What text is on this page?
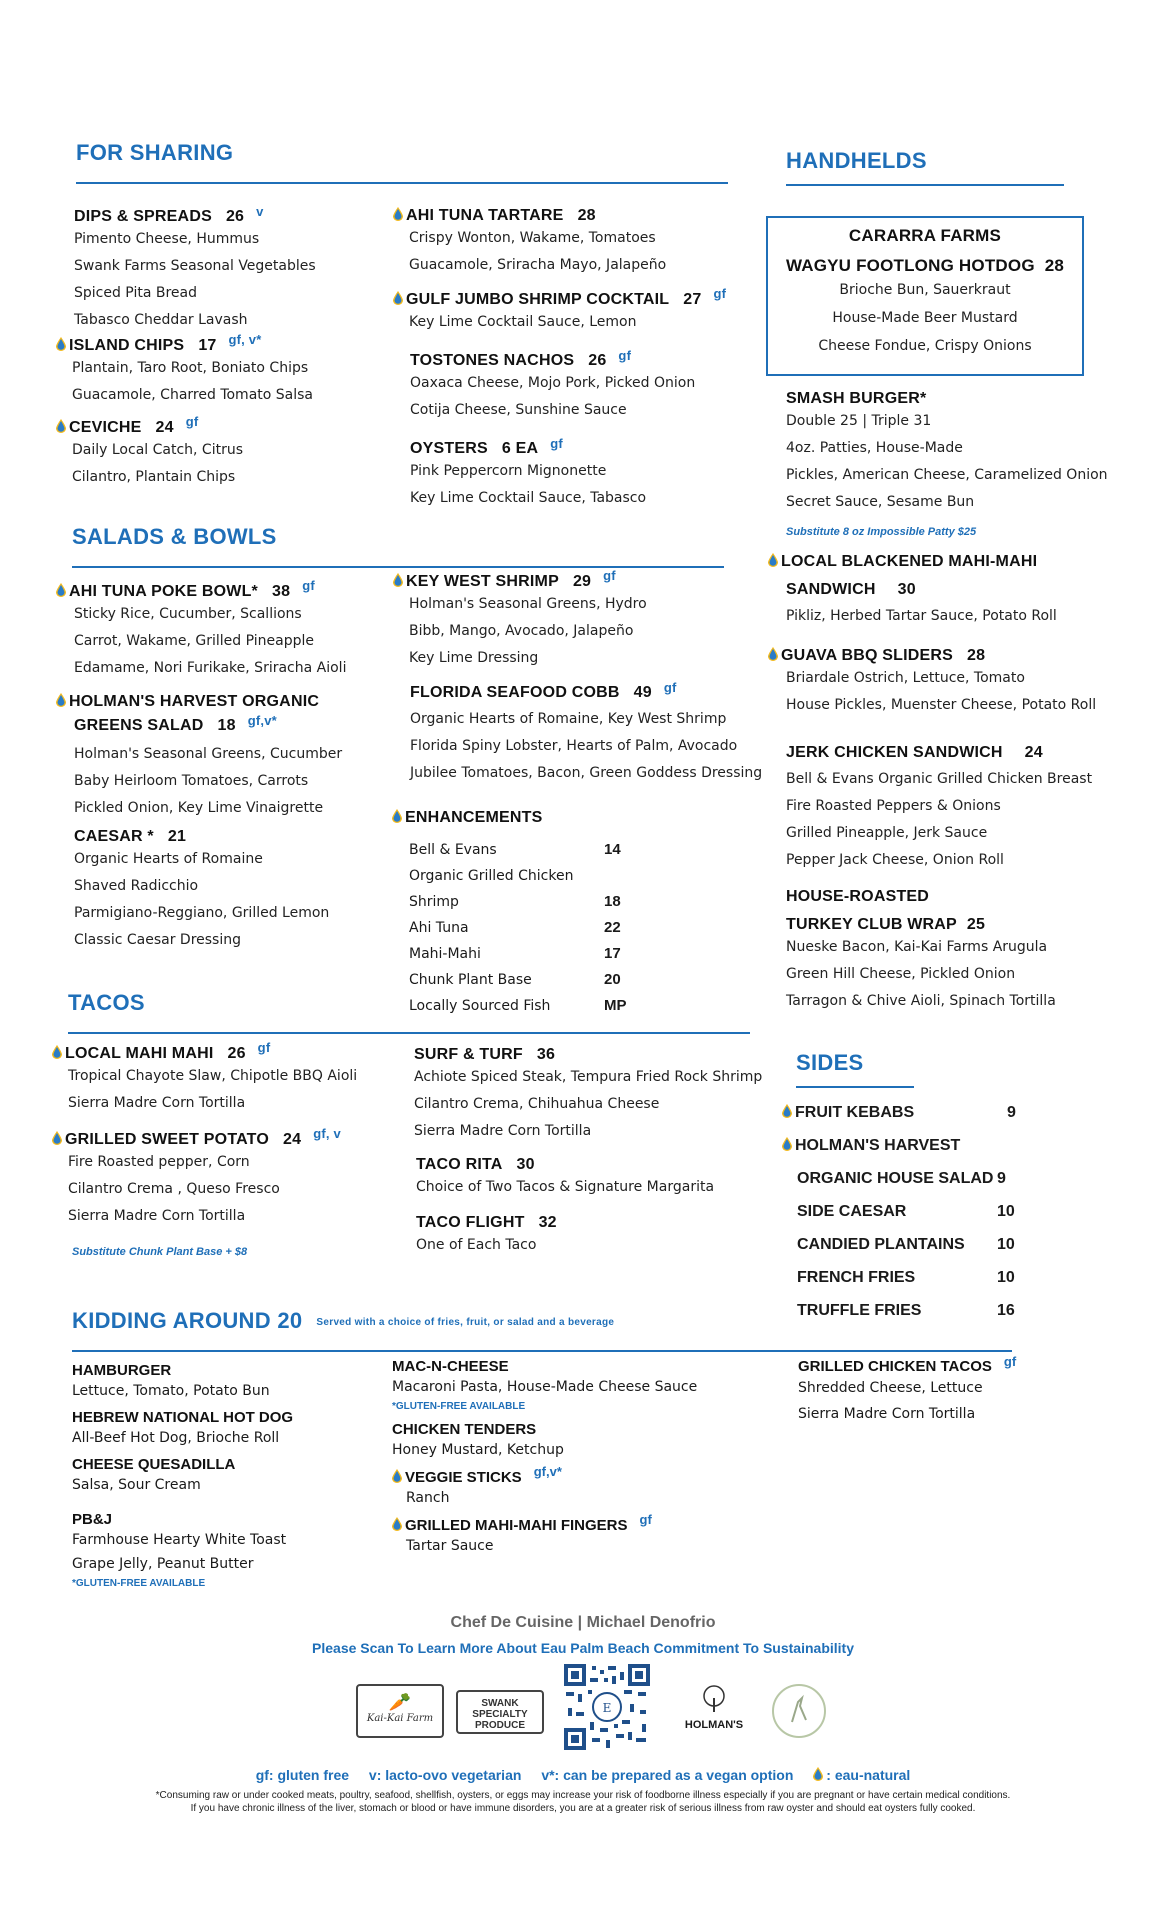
FOR SHARING
DIPS & SPREADS 26 $^v$
Pimento Cheese, Hummus
Swank Farms Seasonal Vegetables
Spiced Pita Bread
Tabasco Cheddar Lavash
ISLAND CHIPS 17 $^{gf, v*}$
Plantain, Taro Root, Boniato Chips
Guacamole, Charred Tomato Salsa
CEVICHE 24 $^{gf}$
Daily Local Catch, Citrus
Cilantro, Plantain Chips
AHI TUNA TARTARE 28
Crispy Wonton, Wakame, Tomatoes
Guacamole, Sriracha Mayo, Jalapeño
GULF JUMBO SHRIMP COCKTAIL 27 $^{gf}$
Key Lime Cocktail Sauce, Lemon
TOSTONES NACHOS 26 $^{gf}$
Oaxaca Cheese, Mojo Pork, Picked Onion
Cotija Cheese, Sunshine Sauce
OYSTERS 6 EA $^{gf}$
Pink Peppercorn Mignonette
Key Lime Cocktail Sauce, Tabasco
SALADS & BOWLS
AHI TUNA POKE BOWL* 38 $^{gf}$
Sticky Rice, Cucumber, Scallions
Carrot, Wakame, Grilled Pineapple
Edamame, Nori Furikake, Sriracha Aioli
HOLMAN'S HARVEST ORGANIC
GREENS SALAD 18 $^{gf,v*}$
Holman's Seasonal Greens, Cucumber
Baby Heirloom Tomatoes, Carrots
Pickled Onion, Key Lime Vinaigrette
CAESAR * 21
Organic Hearts of Romaine
Shaved Radicchio
Parmigiano-Reggiano, Grilled Lemon
Classic Caesar Dressing
KEY WEST SHRIMP 29 $^{gf}$
Holman's Seasonal Greens, Hydro
Bibb, Mango, Avocado, Jalapeño
Key Lime Dressing
FLORIDA SEAFOOD COBB 49 $^{gf}$
Organic Hearts of Romaine, Key West Shrimp
Florida Spiny Lobster, Hearts of Palm, Avocado
Jubilee Tomatoes, Bacon, Green Goddess Dressing
ENHANCEMENTS
Bell & Evans	14
Organic Grilled Chicken
Shrimp	18
Ahi Tuna	22
Mahi-Mahi	17
Chunk Plant Base	20
Locally Sourced Fish	MP
TACOS
LOCAL MAHI MAHI 26 $^{gf}$
Tropical Chayote Slaw, Chipotle BBQ Aioli
Sierra Madre Corn Tortilla
GRILLED SWEET POTATO 24 $^{gf, v}$
Fire Roasted pepper, Corn
Cilantro Crema , Queso Fresco
Sierra Madre Corn Tortilla
Substitute Chunk Plant Base + $8
SURF & TURF 36
Achiote Spiced Steak, Tempura Fried Rock Shrimp
Cilantro Crema, Chihuahua Cheese
Sierra Madre Corn Tortilla
TACO RITA 30
Choice of Two Tacos & Signature Margarita
TACO FLIGHT 32
One of Each Taco
HANDHELDS
CARARRA FARMS
WAGYU FOOTLONG HOTDOG 28
Brioche Bun, Sauerkraut
House-Made Beer Mustard
Cheese Fondue, Crispy Onions
SMASH BURGER*
Double 25 | Triple 31
4oz. Patties, House-Made
Pickles, American Cheese, Caramelized Onion
Secret Sauce, Sesame Bun
Substitute 8 oz Impossible Patty $25
LOCAL BLACKENED MAHI-MAHI
SANDWICH 30
Pikliz, Herbed Tartar Sauce, Potato Roll
GUAVA BBQ SLIDERS 28
Briardale Ostrich, Lettuce, Tomato
House Pickles, Muenster Cheese, Potato Roll
JERK CHICKEN SANDWICH 24
Bell & Evans Organic Grilled Chicken Breast
Fire Roasted Peppers & Onions
Grilled Pineapple, Jerk Sauce
Pepper Jack Cheese, Onion Roll
HOUSE-ROASTED
TURKEY CLUB WRAP 25
Nueske Bacon, Kai-Kai Farms Arugula
Green Hill Cheese, Pickled Onion
Tarragon & Chive Aioli, Spinach Tortilla
SIDES
FRUIT KEBABS	9
HOLMAN'S HARVEST
ORGANIC HOUSE SALAD 9
SIDE CAESAR	10
CANDIED PLANTAINS	10
FRENCH FRIES	10
TRUFFLE FRIES	16
KIDDING AROUND 20 Served with a choice of fries, fruit, or salad and a beverage
HAMBURGER
Lettuce, Tomato, Potato Bun
HEBREW NATIONAL HOT DOG
All-Beef Hot Dog, Brioche Roll
CHEESE QUESADILLA
Salsa, Sour Cream
PB&J
Farmhouse Hearty White Toast
Grape Jelly, Peanut Butter
*GLUTEN-FREE AVAILABLE
MAC-N-CHEESE
Macaroni Pasta, House-Made Cheese Sauce
*GLUTEN-FREE AVAILABLE
CHICKEN TENDERS
Honey Mustard, Ketchup
VEGGIE STICKS gf,v*
Ranch
GRILLED MAHI-MAHI FINGERS gf
Tartar Sauce
GRILLED CHICKEN TACOS gf
Shredded Cheese, Lettuce
Sierra Madre Corn Tortilla
Chef De Cuisine | Michael Denofrio
Please Scan To Learn More About Eau Palm Beach Commitment To Sustainability
🥕
Kai-Kai Farm
SWANK SPECIALTY PRODUCE
E
HOLMAN'S
gf: gluten free v: lacto-ovo vegetarian v*: can be prepared as a vegan option : eau-natural
*Consuming raw or under cooked meats, poultry, seafood, shellfish, oysters, or eggs may increase your risk of foodborne illness especially if you are pregnant or have certain medical conditions.
If you have chronic illness of the liver, stomach or blood or have immune disorders, you are at a greater risk of serious illness from raw oyster and should eat oysters fully cooked.
